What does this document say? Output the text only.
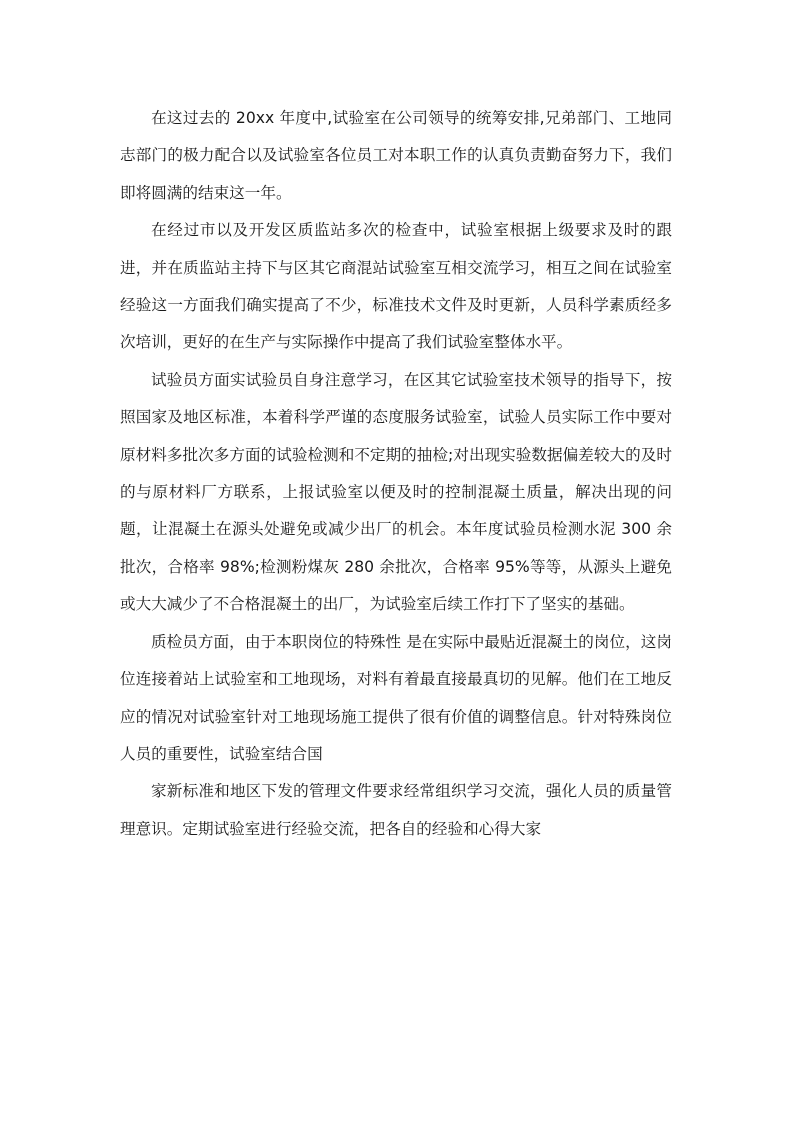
在这过去的 20xx 年度中,试验室在公司领导的统筹安排,兄弟部门、工地同志部门的极力配合以及试验室各位员工对本职工作的认真负责勤奋努力下，我们即将圆满的结束这一年。

在经过市以及开发区质监站多次的检查中，试验室根据上级要求及时的跟进，并在质监站主持下与区其它商混站试验室互相交流学习，相互之间在试验室经验这一方面我们确实提高了不少，标准技术文件及时更新，人员科学素质经多次培训，更好的在生产与实际操作中提高了我们试验室整体水平。

试验员方面实试验员自身注意学习，在区其它试验室技术领导的指导下，按照国家及地区标准，本着科学严谨的态度服务试验室，试验人员实际工作中要对原材料多批次多方面的试验检测和不定期的抽检;对出现实验数据偏差较大的及时的与原材料厂方联系，上报试验室以便及时的控制混凝土质量，解决出现的问题，让混凝土在源头处避免或减少出厂的机会。本年度试验员检测水泥 300 余批次，合格率 98%;检测粉煤灰 280 余批次，合格率 95%等等，从源头上避免或大大减少了不合格混凝土的出厂，为试验室后续工作打下了坚实的基础。

质检员方面，由于本职岗位的特殊性 是在实际中最贴近混凝土的岗位，这岗位连接着站上试验室和工地现场，对料有着最直接最真切的见解。他们在工地反应的情况对试验室针对工地现场施工提供了很有价值的调整信息。针对特殊岗位人员的重要性，试验室结合国

家新标准和地区下发的管理文件要求经常组织学习交流，强化人员的质量管理意识。定期试验室进行经验交流，把各自的经验和心得大家
